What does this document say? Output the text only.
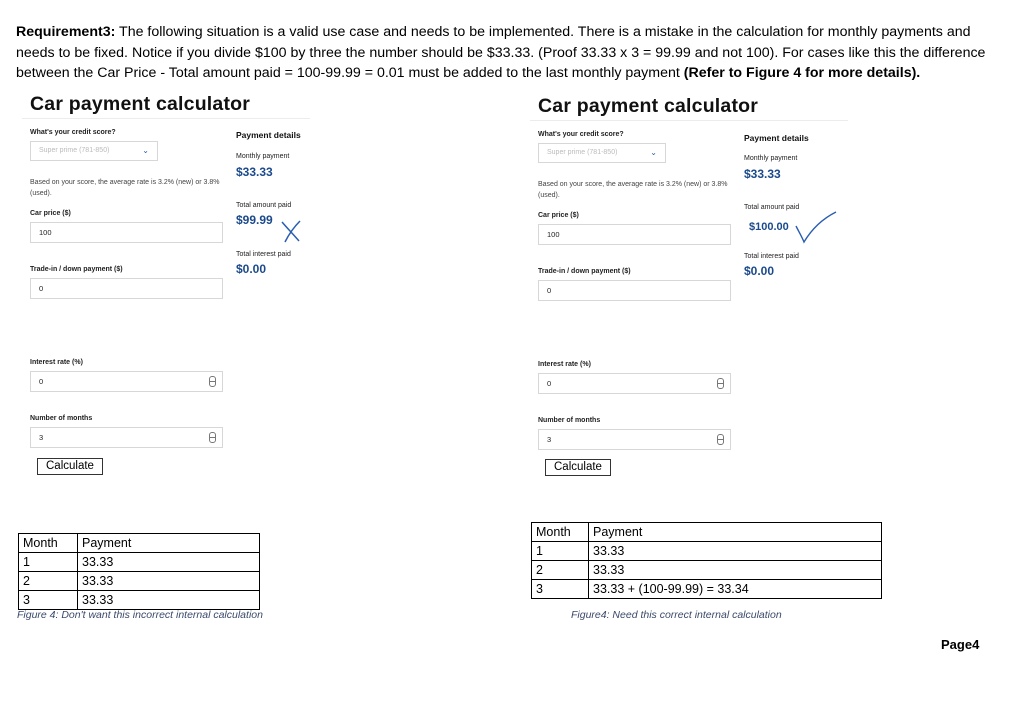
Requirement3: The following situation is a valid use case and needs to be implemented. There is a mistake in the calculation for monthly payments and needs to be fixed. Notice if you divide $100 by three the number should be $33.33. (Proof 33.33 x 3 = 99.99 and not 100). For cases like this the difference between the Car Price - Total amount paid = 100-99.99 = 0.01 must be added to the last monthly payment (Refer to Figure 4 for more details).
Car payment calculator
What's your credit score?
Super prime (781-850)	⌄
Based on your score, the average rate is 3.2% (new) or 3.8% (used).
Car price ($)
100
Trade-in / down payment ($)
0
Interest rate (%)
0
Number of months
3
Calculate
Payment details
Monthly payment
$33.33
Total amount paid
$99.99
Total interest paid
$0.00
Car payment calculator
What's your credit score?
Super prime (781-850)	⌄
Based on your score, the average rate is 3.2% (new) or 3.8% (used).
Car price ($)
100
Trade-in / down payment ($)
0
Interest rate (%)
0
Number of months
3
Calculate
Payment details
Monthly payment
$33.33
Total amount paid
$100.00
Total interest paid
$0.00
Month	Payment
1	33.33
2	33.33
3	33.33
Figure 4: Don't want this incorrect internal calculation
Month	Payment
1	33.33
2	33.33
3	33.33 + (100-99.99) = 33.34
Figure4: Need this correct internal calculation
Page4
